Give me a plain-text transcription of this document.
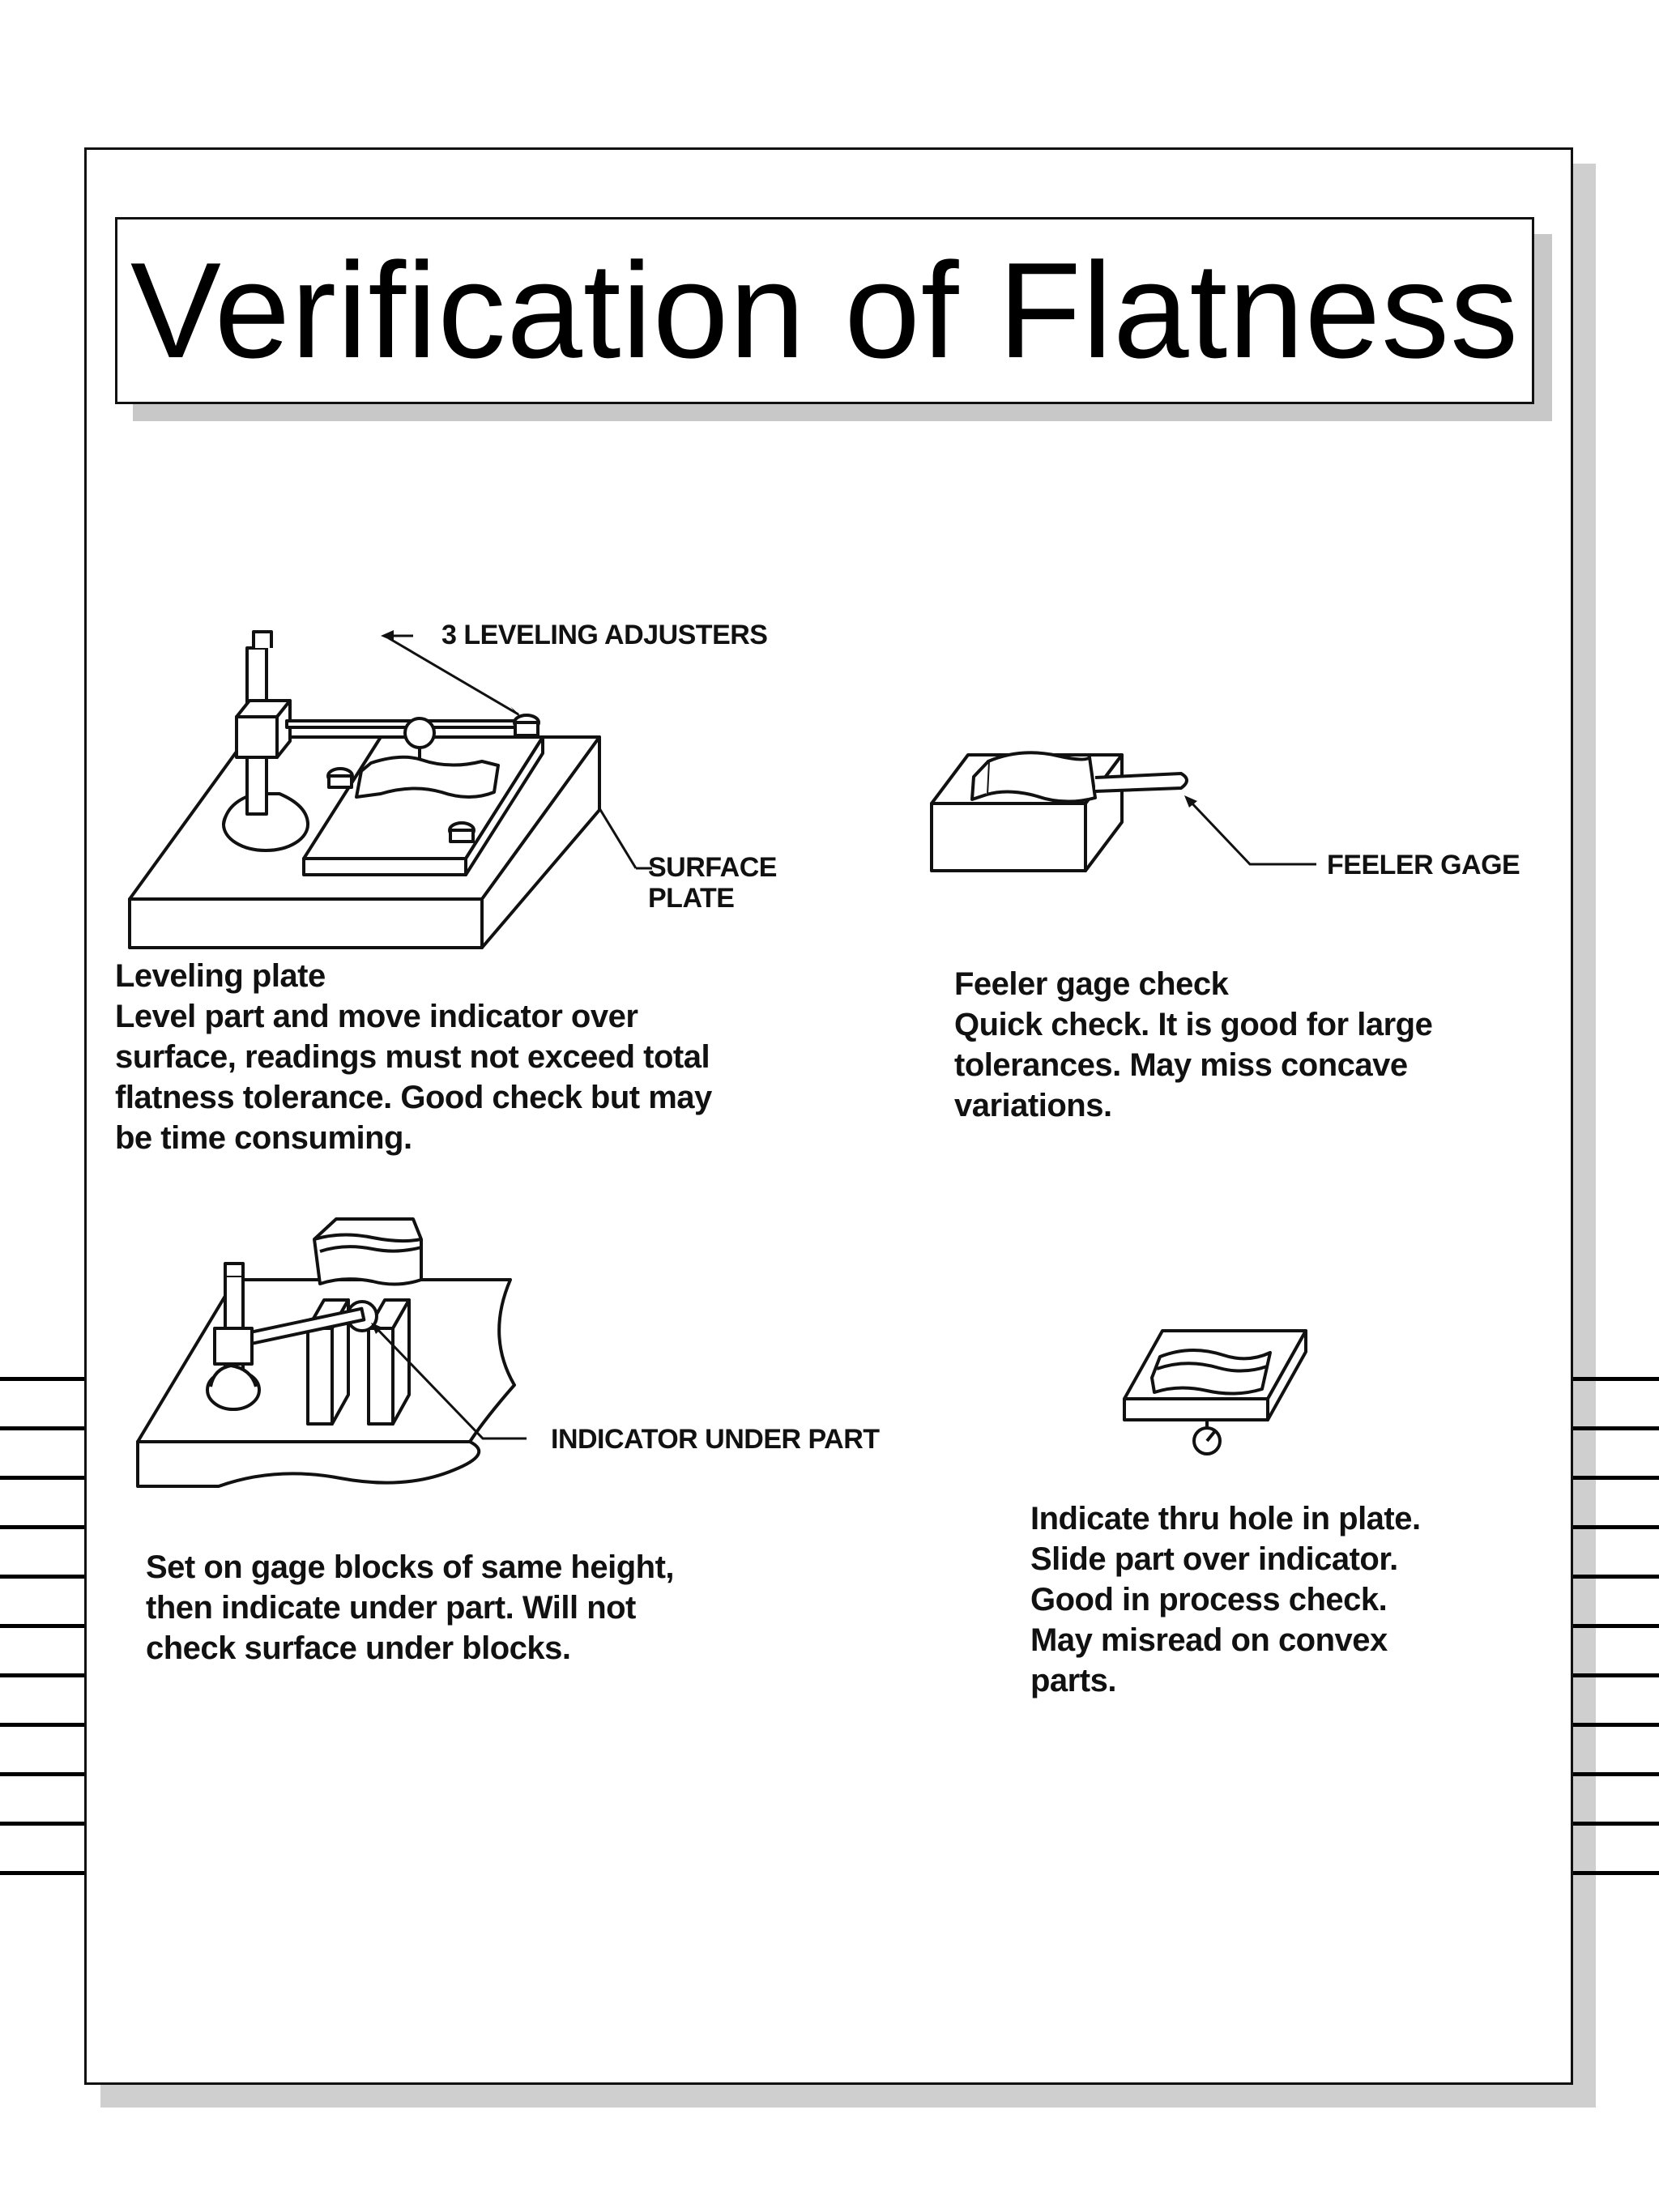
Verification of Flatness
3 LEVELING ADJUSTERS
SURFACE
PLATE
Leveling plate
Level part and move indicator over
surface, readings must not exceed total
flatness tolerance. Good check but may
be time consuming.
FEELER GAGE
Feeler gage check
Quick check. It is good for large
tolerances. May miss concave
variations.
INDICATOR UNDER PART
Set on gage blocks of same height,
then indicate under part. Will not
check surface under blocks.
Indicate thru hole in plate.
Slide part over indicator.
Good in process check.
May misread on convex
parts.
